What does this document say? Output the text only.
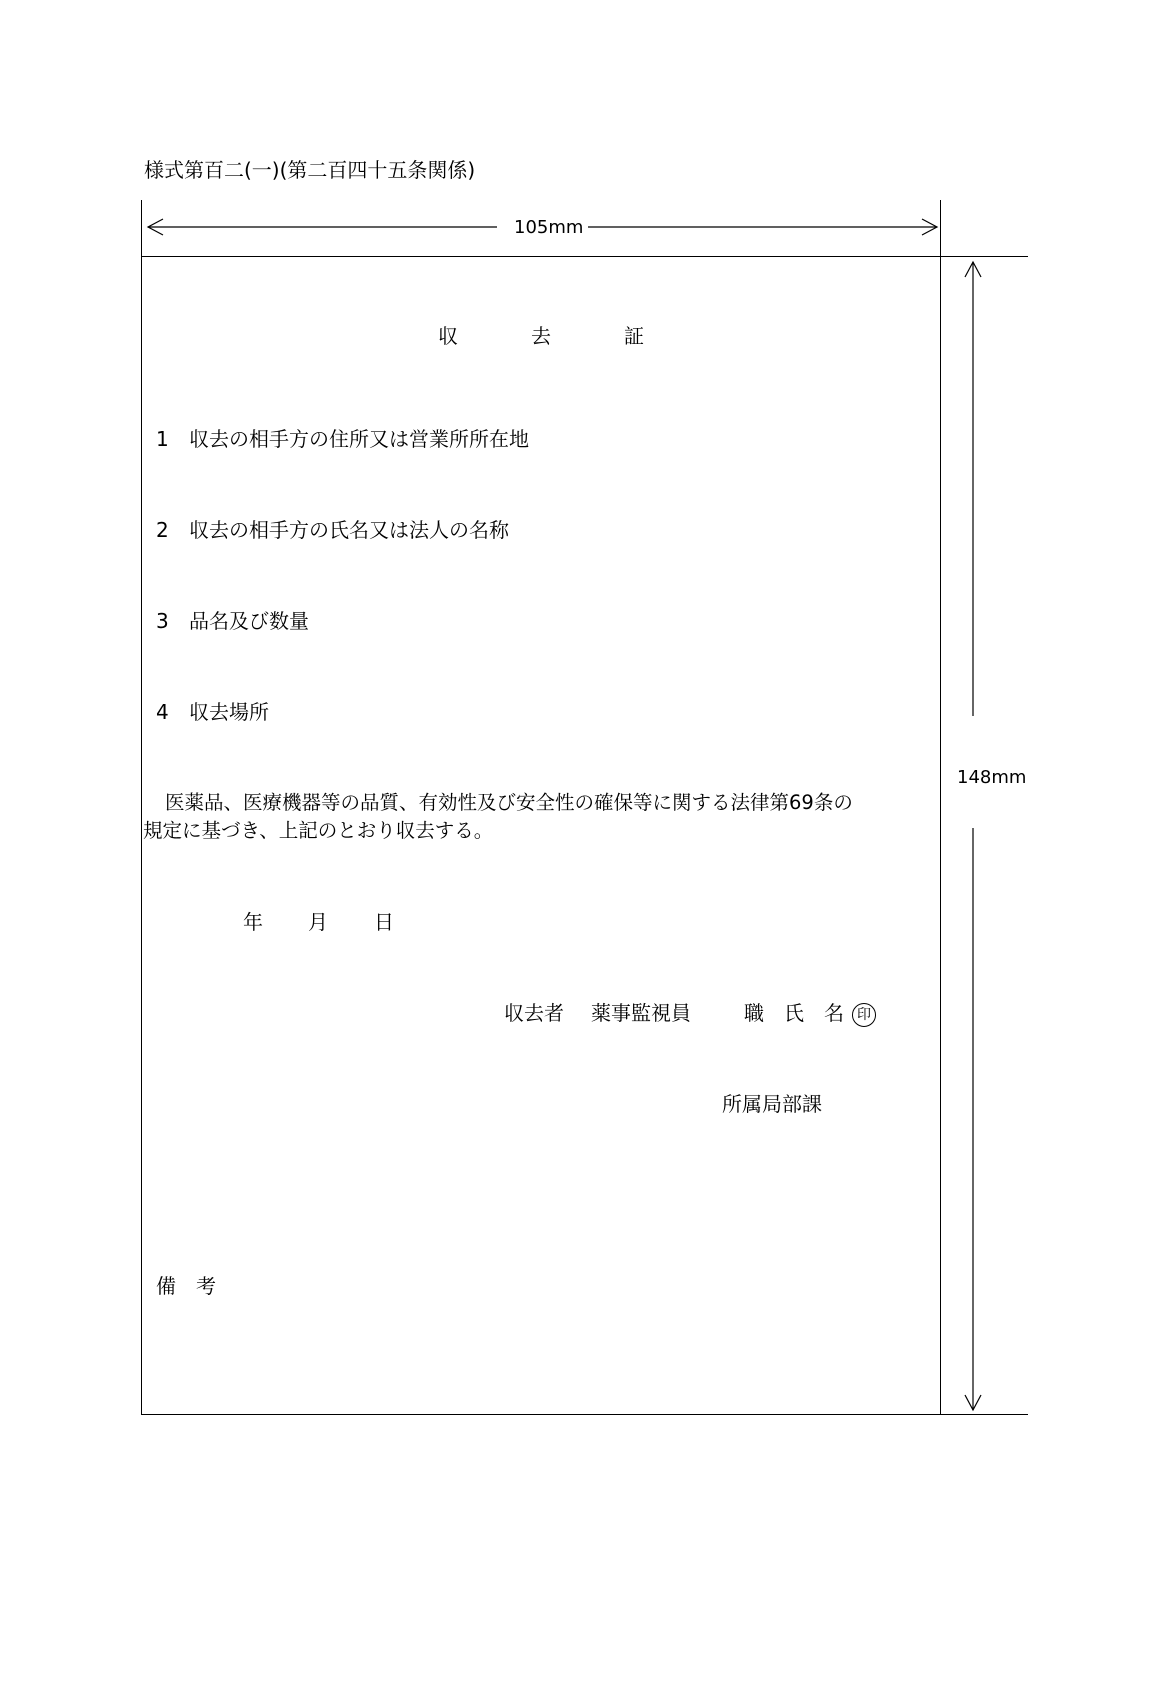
様式第百二(一)(第二百四十五条関係)
105mm
148mm
収	去	証
1 収去の相手方の住所又は営業所所在地
2 収去の相手方の氏名又は法人の名称
3 品名及び数量
4 収去場所
医薬品、医療機器等の品質、有効性及び安全性の確保等に関する法律第69条の
規定に基づき、上記のとおり収去する。
年 月 日
収去者 薬事監視員	職　氏　名 印
所属局部課
備　考
